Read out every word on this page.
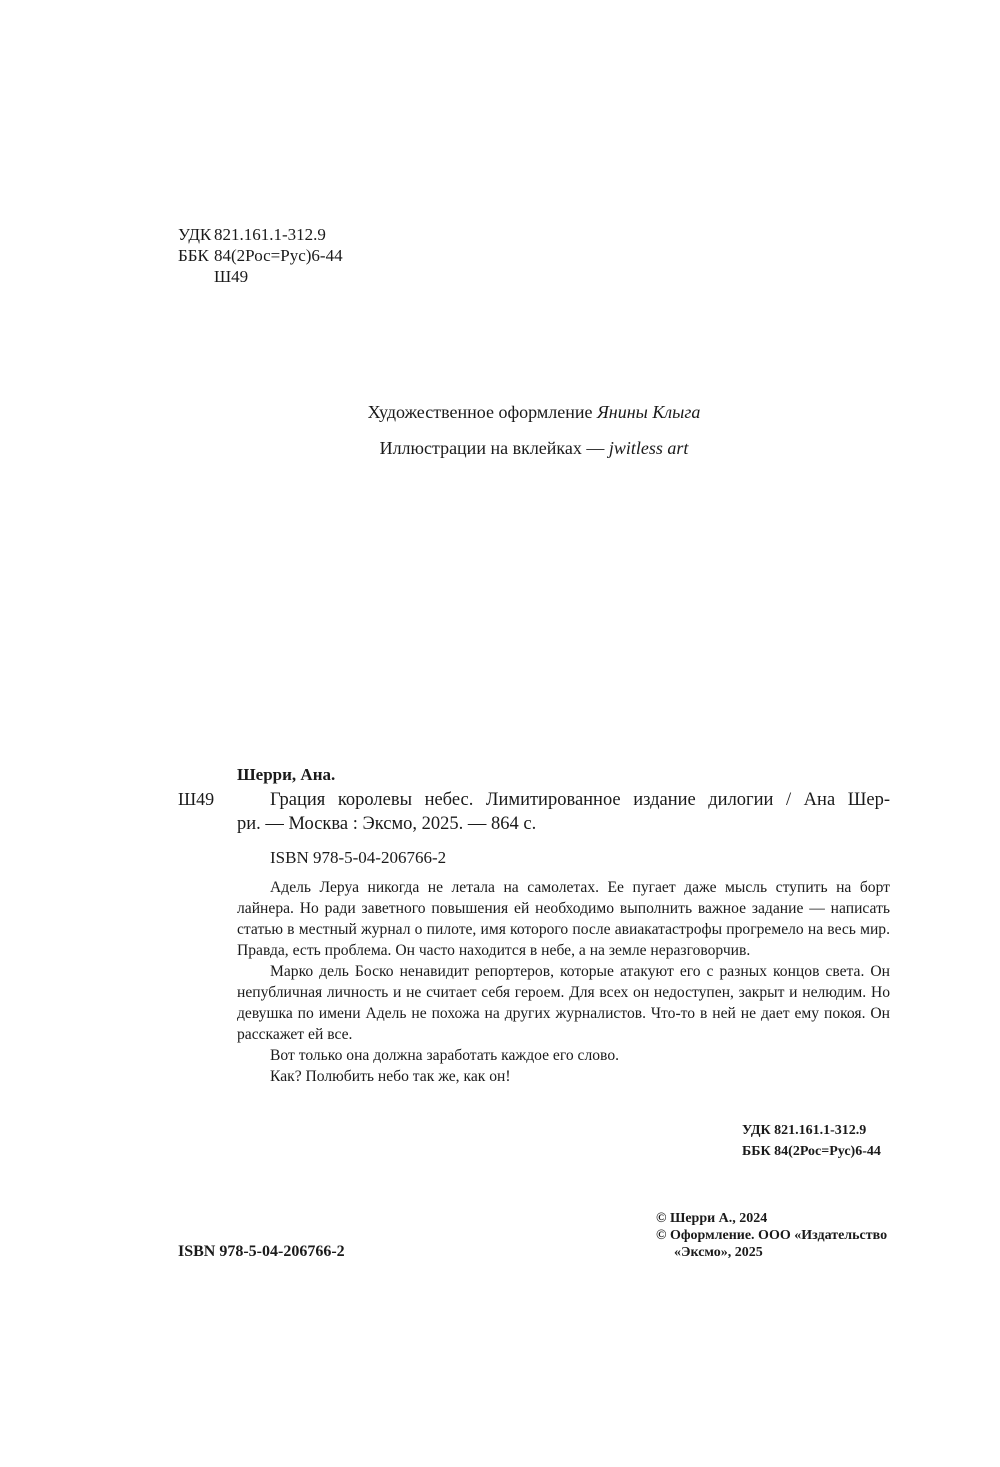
УДК 821.161.1-312.9
ББК 84(2Рос=Рус)6-44
Ш49
Художественное оформление Янины Клыга
Иллюстрации на вклейках — jwitless art
Шерри, Ана.
Ш49	Грация королевы небес. Лимитированное издание дилогии / Ана Шер-
ри. — Москва : Эксмо, 2025. — 864 с.
ISBN 978-5-04-206766-2

Адель Леруа никогда не летала на самолетах. Ее пугает даже мысль ступить на борт лайнера. Но ради заветного повышения ей необходимо выполнить важное задание — написать статью в местный журнал о пилоте, имя которого после авиакатастрофы прогремело на весь мир. Правда, есть проблема. Он часто находится в небе, а на земле неразговорчив.

Марко дель Боско ненавидит репортеров, которые атакуют его с разных концов света. Он непубличная личность и не считает себя героем. Для всех он недоступен, закрыт и нелюдим. Но девушка по имени Адель не похожа на других журналистов. Что-то в ней не дает ему покоя. Он расскажет ей все.

Вот только она должна заработать каждое его слово.

Как? Полюбить небо так же, как он!

УДК 821.161.1-312.9
ББК 84(2Рос=Рус)6-44
ISBN 978-5-04-206766-2
© Шерри А., 2024
© Оформление. ООО «Издательство
«Эксмо», 2025
